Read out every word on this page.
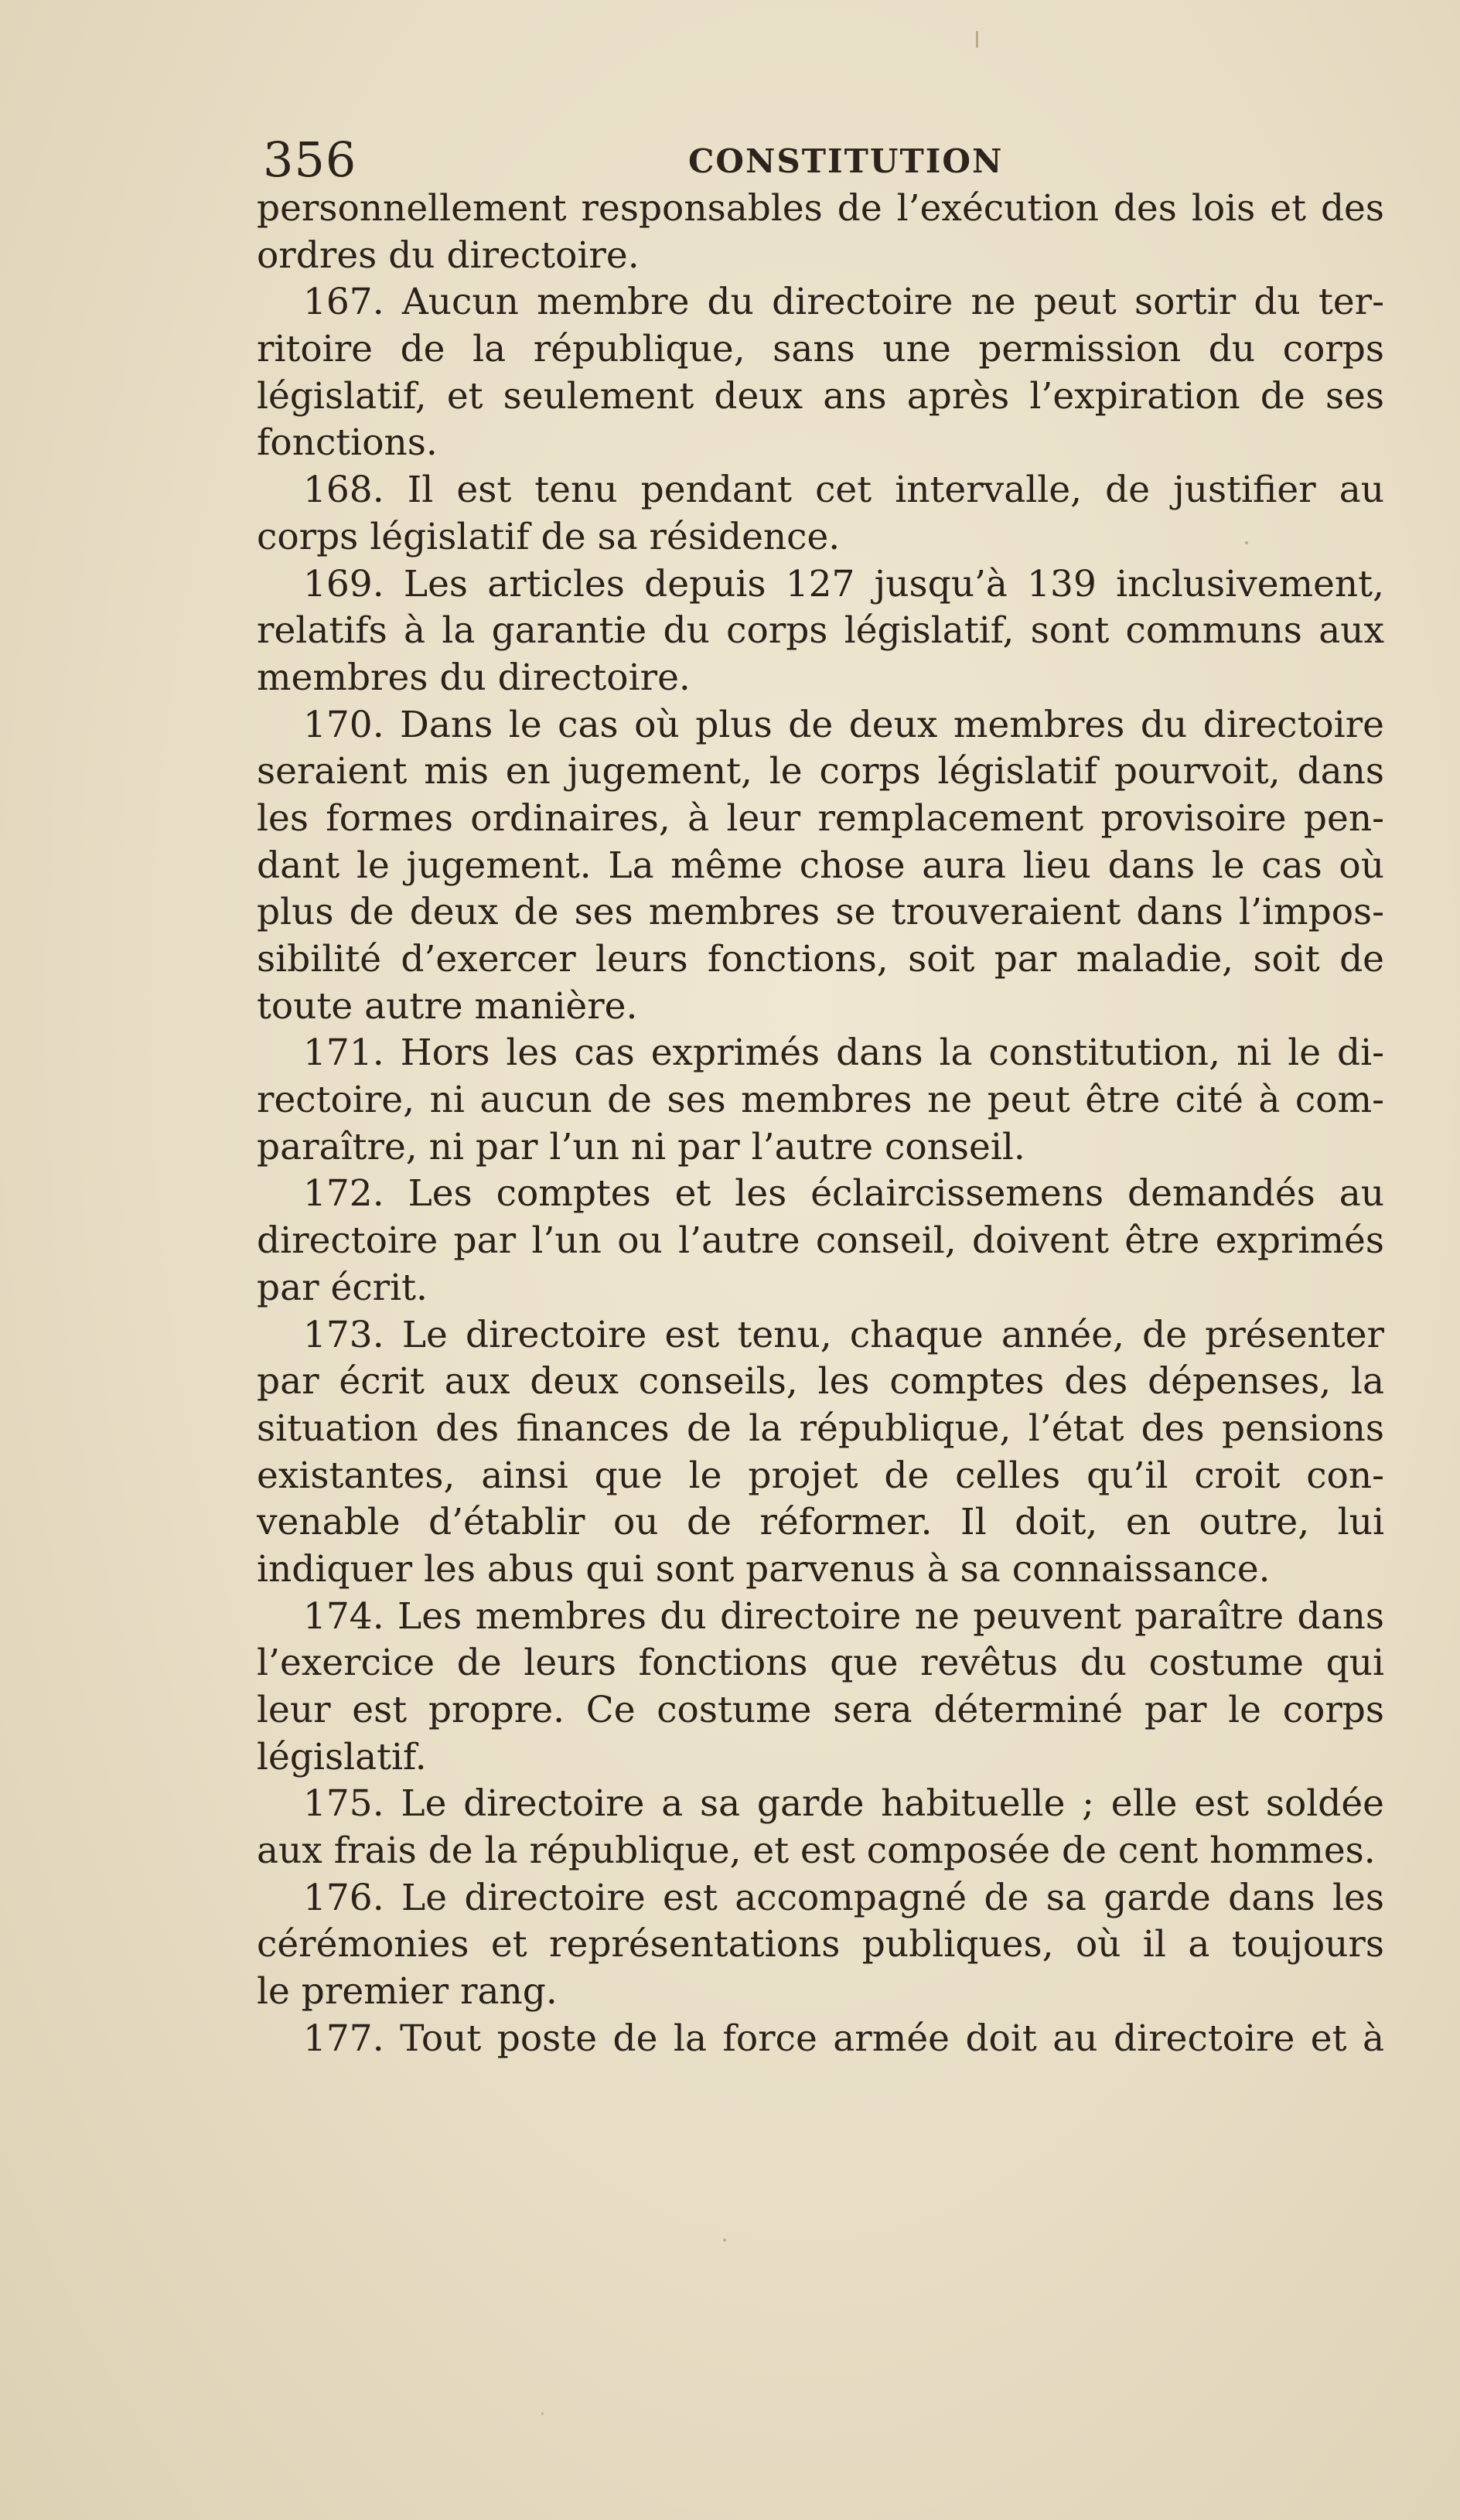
356	CONSTITUTION
personnellement responsables de l’exécution des lois et des
ordres du directoire.
167. Aucun membre du directoire ne peut sortir du ter-
ritoire de la république, sans une permission du corps
législatif, et seulement deux ans après l’expiration de ses
fonctions.
168. Il est tenu pendant cet intervalle, de justifier au
corps législatif de sa résidence.
169. Les articles depuis 127 jusqu’à 139 inclusivement,
relatifs à la garantie du corps législatif, sont communs aux
membres du directoire.
170. Dans le cas où plus de deux membres du directoire
seraient mis en jugement, le corps législatif pourvoit, dans
les formes ordinaires, à leur remplacement provisoire pen-
dant le jugement. La même chose aura lieu dans le cas où
plus de deux de ses membres se trouveraient dans l’impos-
sibilité d’exercer leurs fonctions, soit par maladie, soit de
toute autre manière.
171. Hors les cas exprimés dans la constitution, ni le di-
rectoire, ni aucun de ses membres ne peut être cité à com-
paraître, ni par l’un ni par l’autre conseil.
172. Les comptes et les éclaircissemens demandés au
directoire par l’un ou l’autre conseil, doivent être exprimés
par écrit.
173. Le directoire est tenu, chaque année, de présenter
par écrit aux deux conseils, les comptes des dépenses, la
situation des finances de la république, l’état des pensions
existantes, ainsi que le projet de celles qu’il croit con-
venable d’établir ou de réformer. Il doit, en outre, lui
indiquer les abus qui sont parvenus à sa connaissance.
174. Les membres du directoire ne peuvent paraître dans
l’exercice de leurs fonctions que revêtus du costume qui
leur est propre. Ce costume sera déterminé par le corps
législatif.
175. Le directoire a sa garde habituelle ; elle est soldée
aux frais de la république, et est composée de cent hommes.
176. Le directoire est accompagné de sa garde dans les
cérémonies et représentations publiques, où il a toujours
le premier rang.
177. Tout poste de la force armée doit au directoire et à
